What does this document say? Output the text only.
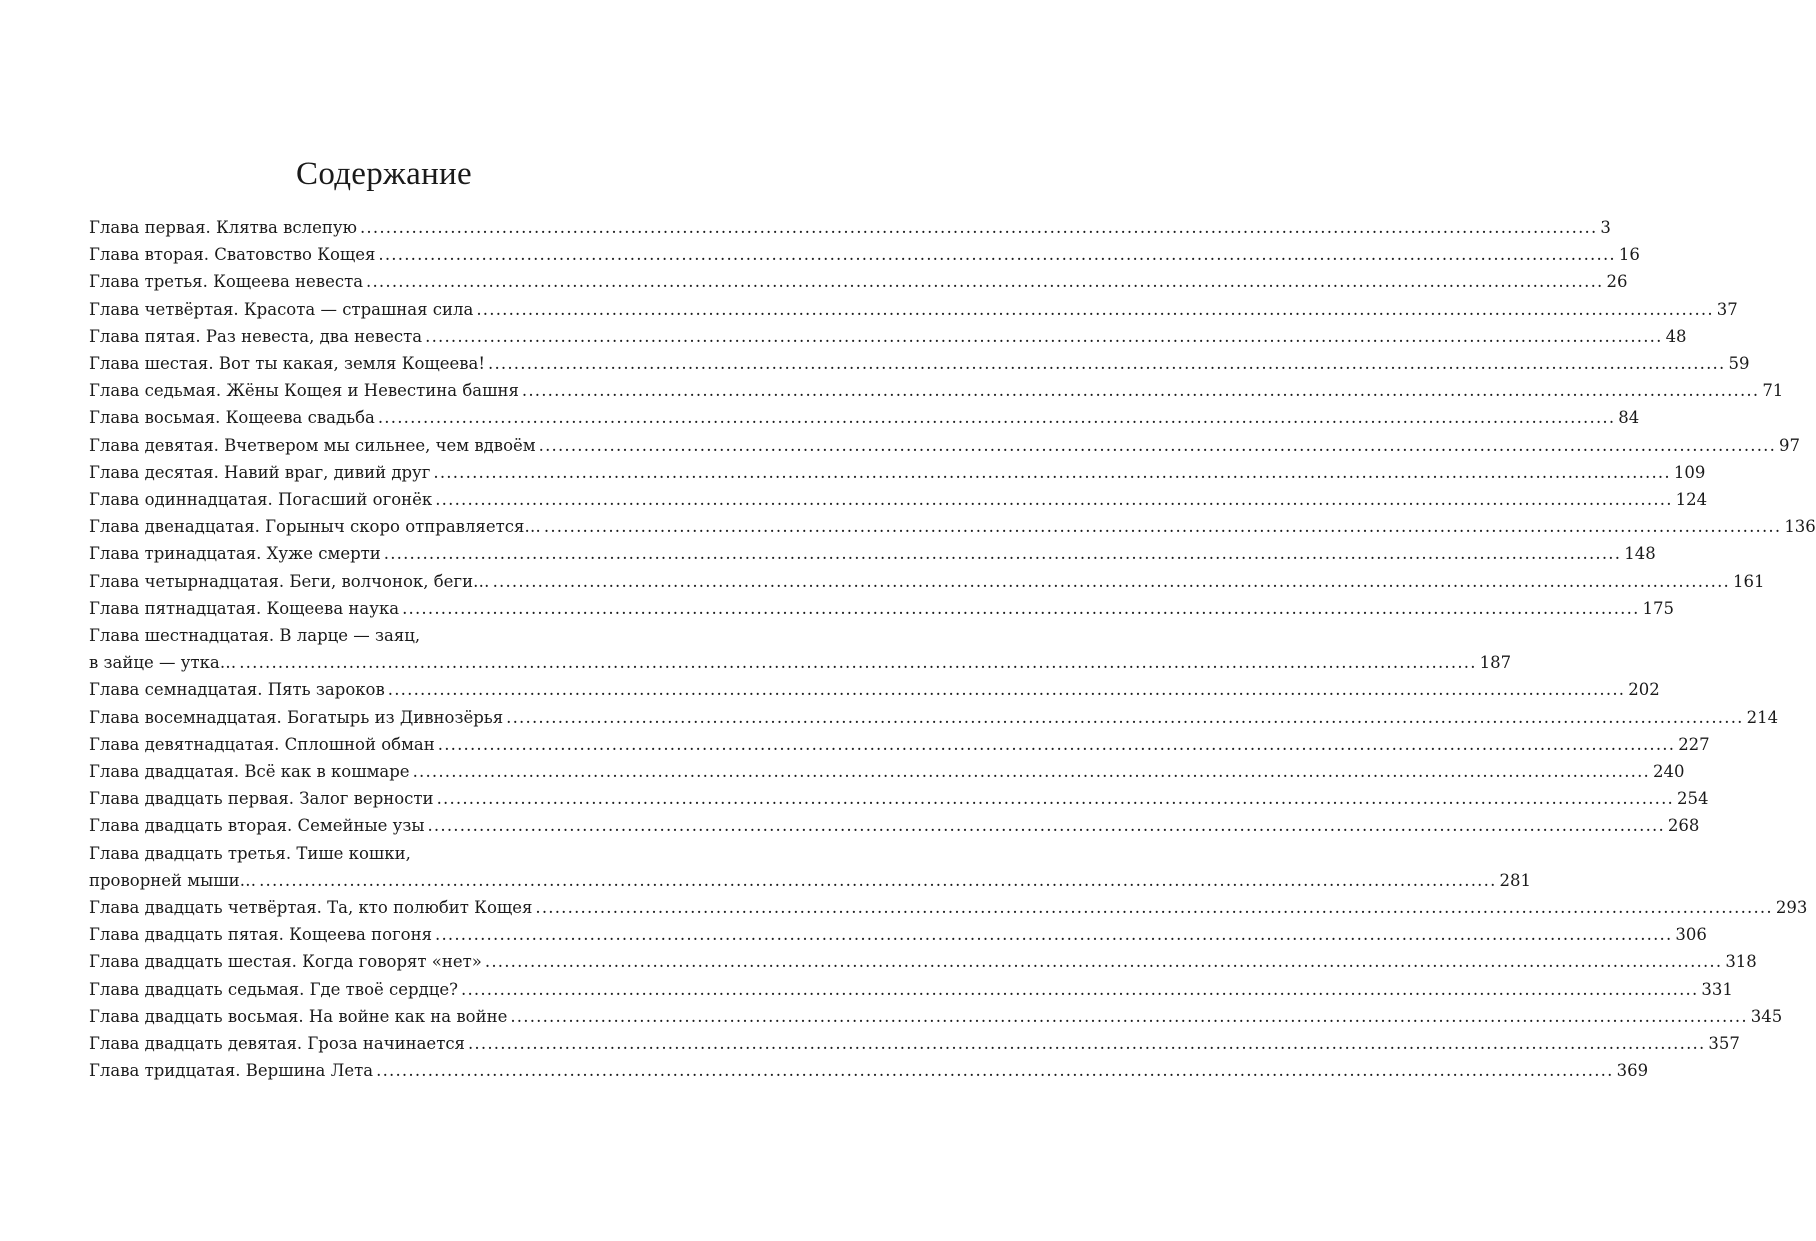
Содержание
Глава первая. Клятва вслепую .....	3
Глава вторая. Сватовство Кощея .....	16
Глава третья. Кощеева невеста .....	26
Глава четвёртая. Красота — страшная сила .....	37
Глава пятая. Раз невеста, два невеста .....	48
Глава шестая. Вот ты какая, земля Кощеева! .....	59
Глава седьмая. Жёны Кощея и Невестина башня .....	71
Глава восьмая. Кощеева свадьба .....	84
Глава девятая. Вчетвером мы сильнее, чем вдвоём .....	97
Глава десятая. Навий враг, дивий друг .....	109
Глава одиннадцатая. Погасший огонёк .....	124
Глава двенадцатая. Горыныч скоро отправляется… .....	136
Глава тринадцатая. Хуже смерти .....	148
Глава четырнадцатая. Беги, волчонок, беги… .....	161
Глава пятнадцатая. Кощеева наука .....	175
Глава шестнадцатая. В ларце — заяц,
в зайце — утка… .....	187
Глава семнадцатая. Пять зароков .....	202
Глава восемнадцатая. Богатырь из Дивнозёрья .....	214
Глава девятнадцатая. Сплошной обман .....	227
Глава двадцатая. Всё как в кошмаре .....	240
Глава двадцать первая. Залог верности .....	254
Глава двадцать вторая. Семейные узы .....	268
Глава двадцать третья. Тише кошки,
проворней мыши… .....	281
Глава двадцать четвёртая. Та, кто полюбит Кощея .....	293
Глава двадцать пятая. Кощеева погоня .....	306
Глава двадцать шестая. Когда говорят «нет» .....	318
Глава двадцать седьмая. Где твоё сердце? .....	331
Глава двадцать восьмая. На войне как на войне .....	345
Глава двадцать девятая. Гроза начинается .....	357
Глава тридцатая. Вершина Лета .....	369
